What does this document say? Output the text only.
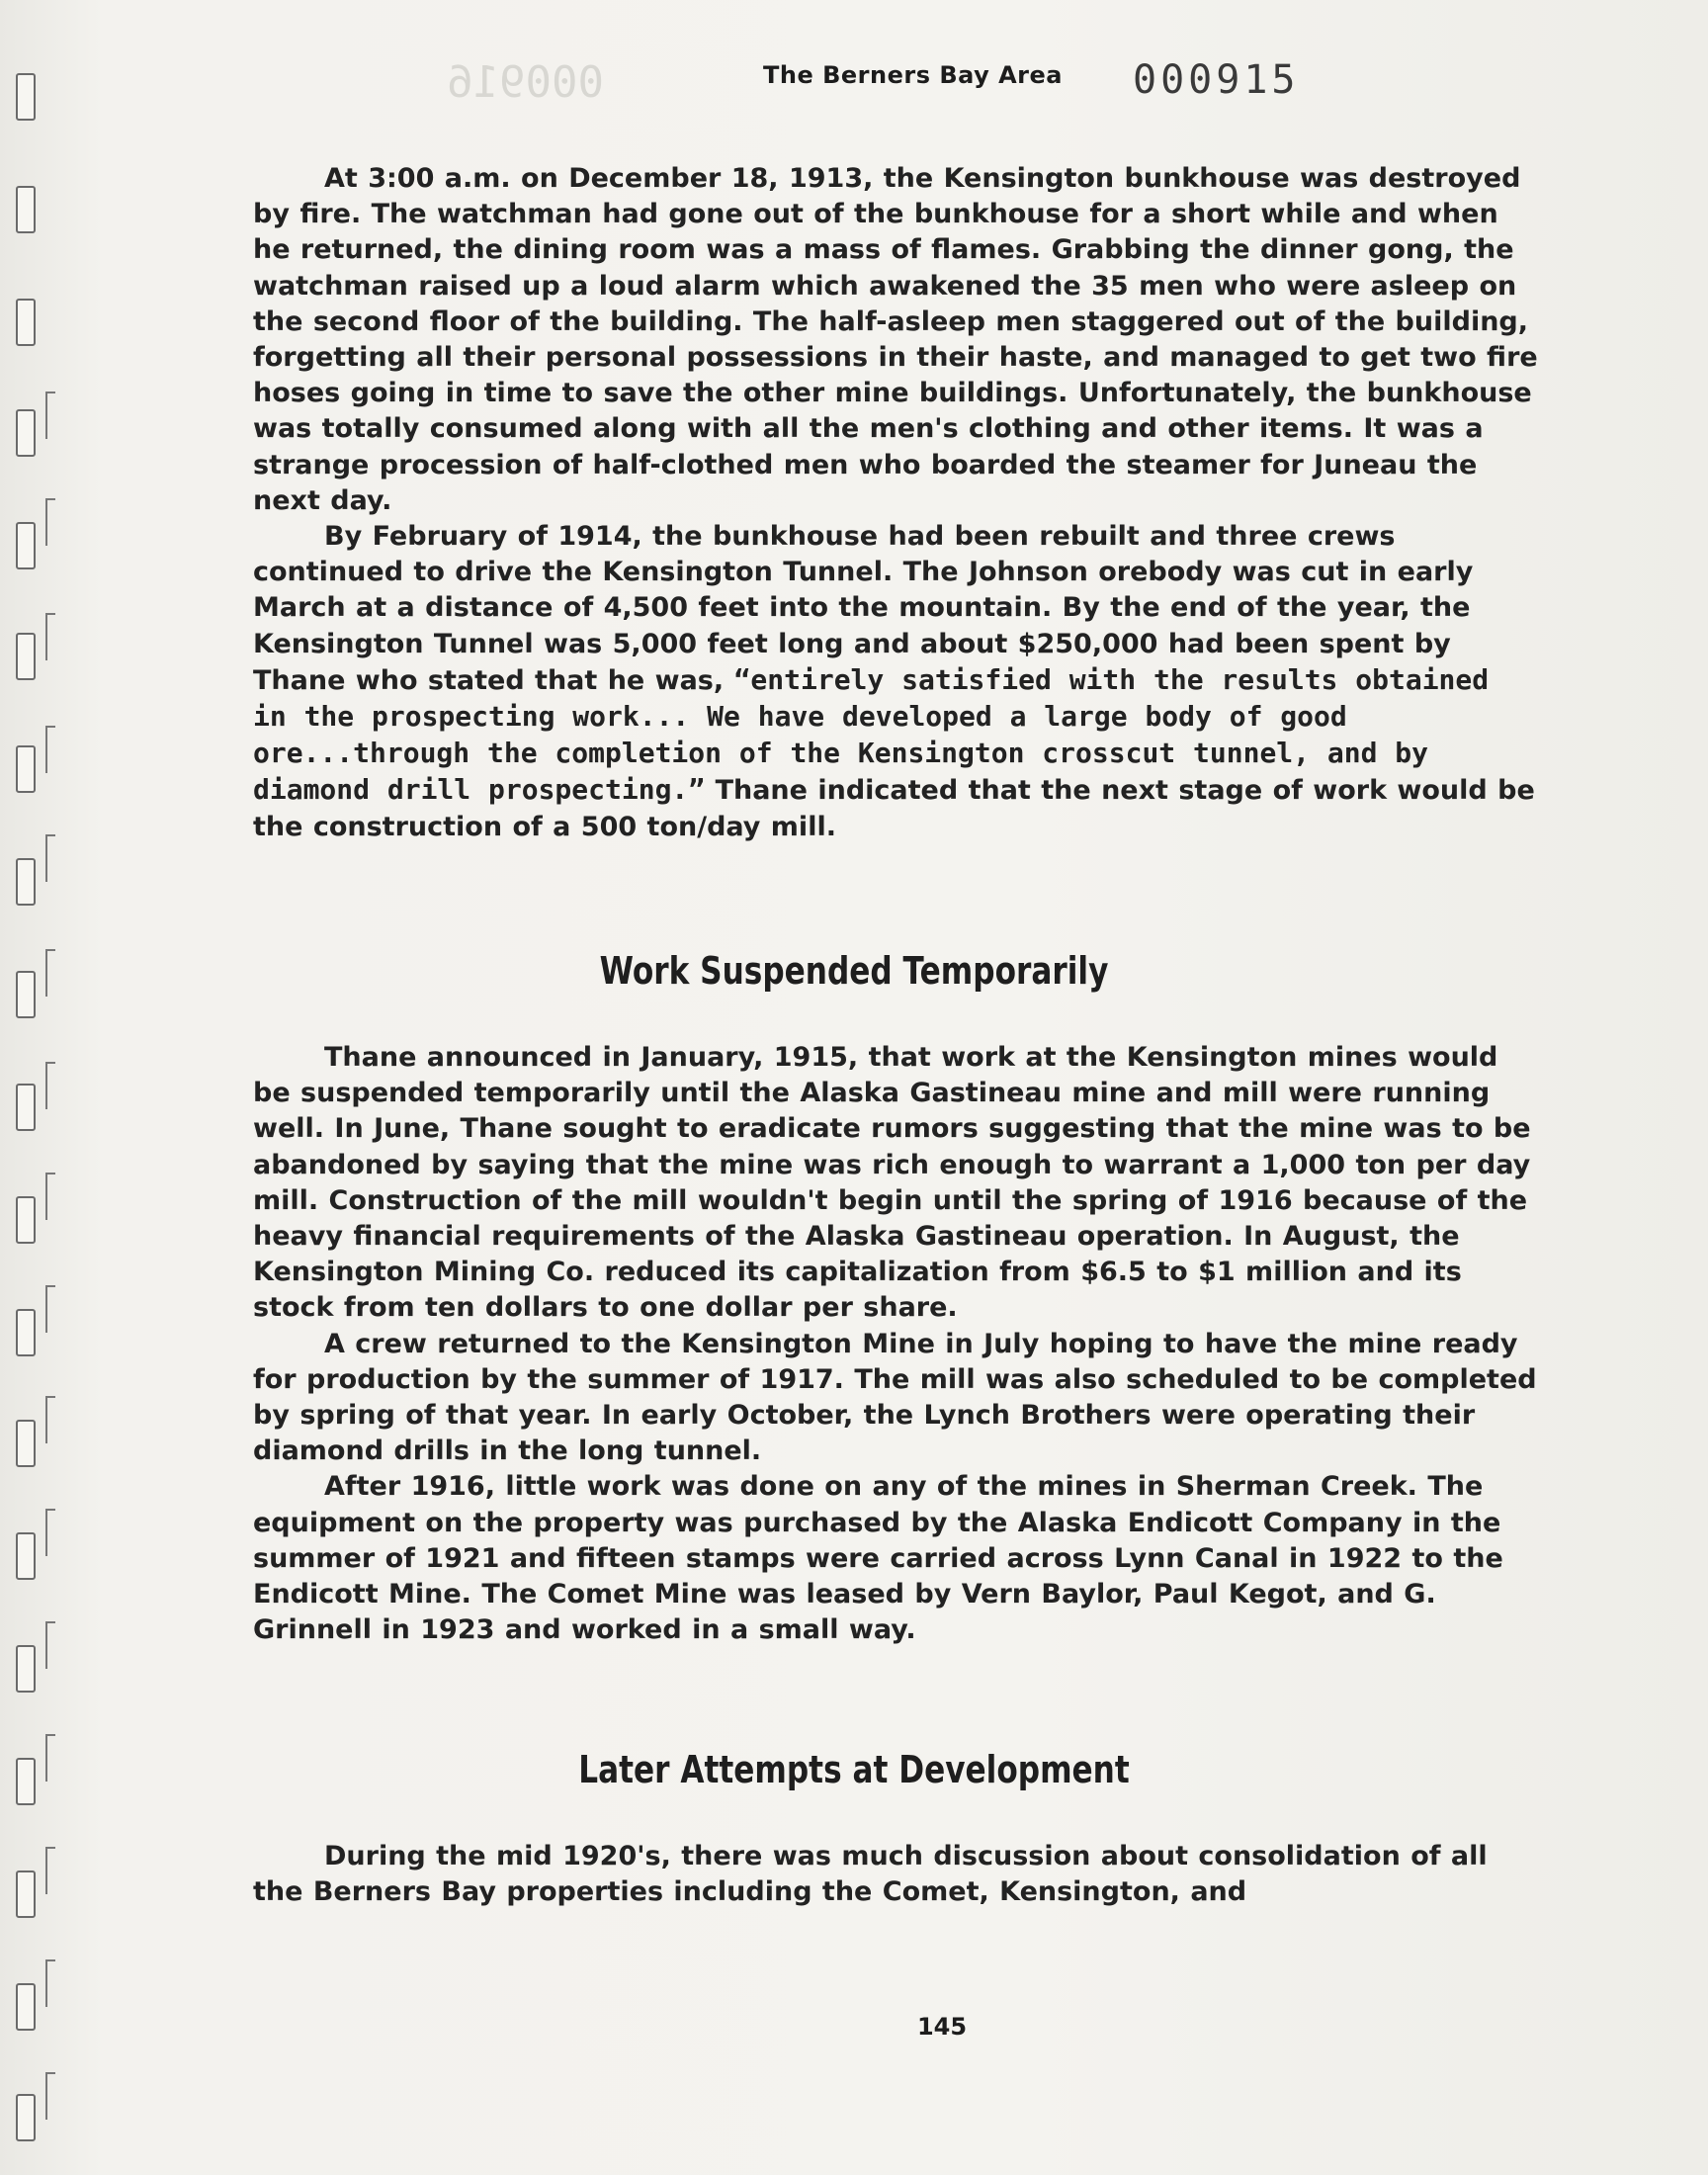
000916	The Berners Bay Area 000915

At 3:00 a.m. on December 18, 1913, the Kensington bunkhouse was destroyed by fire. The watchman had gone out of the bunkhouse for a short while and when he returned, the dining room was a mass of flames. Grabbing the dinner gong, the watchman raised up a loud alarm which awakened the 35 men who were asleep on the second floor of the building. The half-asleep men staggered out of the building, forgetting all their personal possessions in their haste, and managed to get two fire hoses going in time to save the other mine buildings. Unfortunately, the bunkhouse was totally consumed along with all the men's clothing and other items. It was a strange procession of half-clothed men who boarded the steamer for Juneau the next day.

By February of 1914, the bunkhouse had been rebuilt and three crews continued to drive the Kensington Tunnel. The Johnson orebody was cut in early March at a distance of 4,500 feet into the mountain. By the end of the year, the Kensington Tunnel was 5,000 feet long and about $250,000 had been spent by Thane who stated that he was, “entirely satisfied with the results obtained in the prospecting work... We have developed a large body of good ore...through the completion of the Kensington crosscut tunnel, and by diamond drill prospecting.” Thane indicated that the next stage of work would be the construction of a 500 ton/day mill.

Work Suspended Temporarily

Thane announced in January, 1915, that work at the Kensington mines would be suspended temporarily until the Alaska Gastineau mine and mill were running well. In June, Thane sought to eradicate rumors suggesting that the mine was to be abandoned by saying that the mine was rich enough to warrant a 1,000 ton per day mill. Construction of the mill wouldn't begin until the spring of 1916 because of the heavy financial requirements of the Alaska Gastineau operation. In August, the Kensington Mining Co. reduced its capitalization from $6.5 to $1 million and its stock from ten dollars to one dollar per share.

A crew returned to the Kensington Mine in July hoping to have the mine ready for production by the summer of 1917. The mill was also scheduled to be completed by spring of that year. In early October, the Lynch Brothers were operating their diamond drills in the long tunnel.

After 1916, little work was done on any of the mines in Sherman Creek. The equipment on the property was purchased by the Alaska Endicott Company in the summer of 1921 and fifteen stamps were carried across Lynn Canal in 1922 to the Endicott Mine. The Comet Mine was leased by Vern Baylor, Paul Kegot, and G. Grinnell in 1923 and worked in a small way.

Later Attempts at Development

During the mid 1920's, there was much discussion about consolidation of all the Berners Bay properties including the Comet, Kensington, and

145
